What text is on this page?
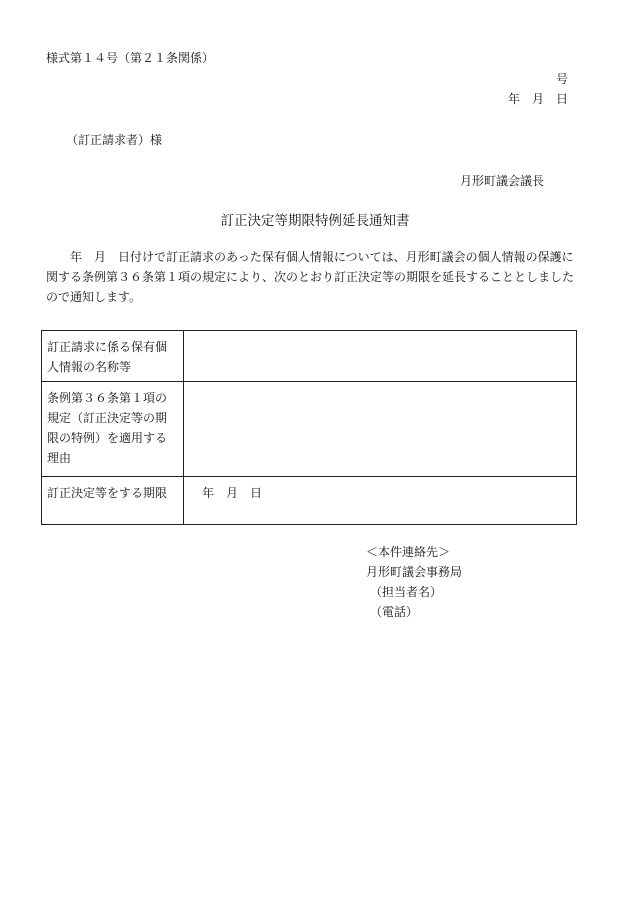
様式第１４号（第２１条関係）
号
年　月　日
（訂正請求者）様
月形町議会議長
訂正決定等期限特例延長通知書
年　月　日付けで訂正請求のあった保有個人情報については、月形町議会の個人情報の保護に関する条例第３６条第１項の規定により、次のとおり訂正決定等の期限を延長することとしましたので通知します。
訂正請求に係る保有個人情報の名称等	
条例第３６条第１項の規定（訂正決定等の期限の特例）を適用する理由	
訂正決定等をする期限	年　月　日
＜本件連絡先＞
月形町議会事務局
（担当者名）
（電話）
